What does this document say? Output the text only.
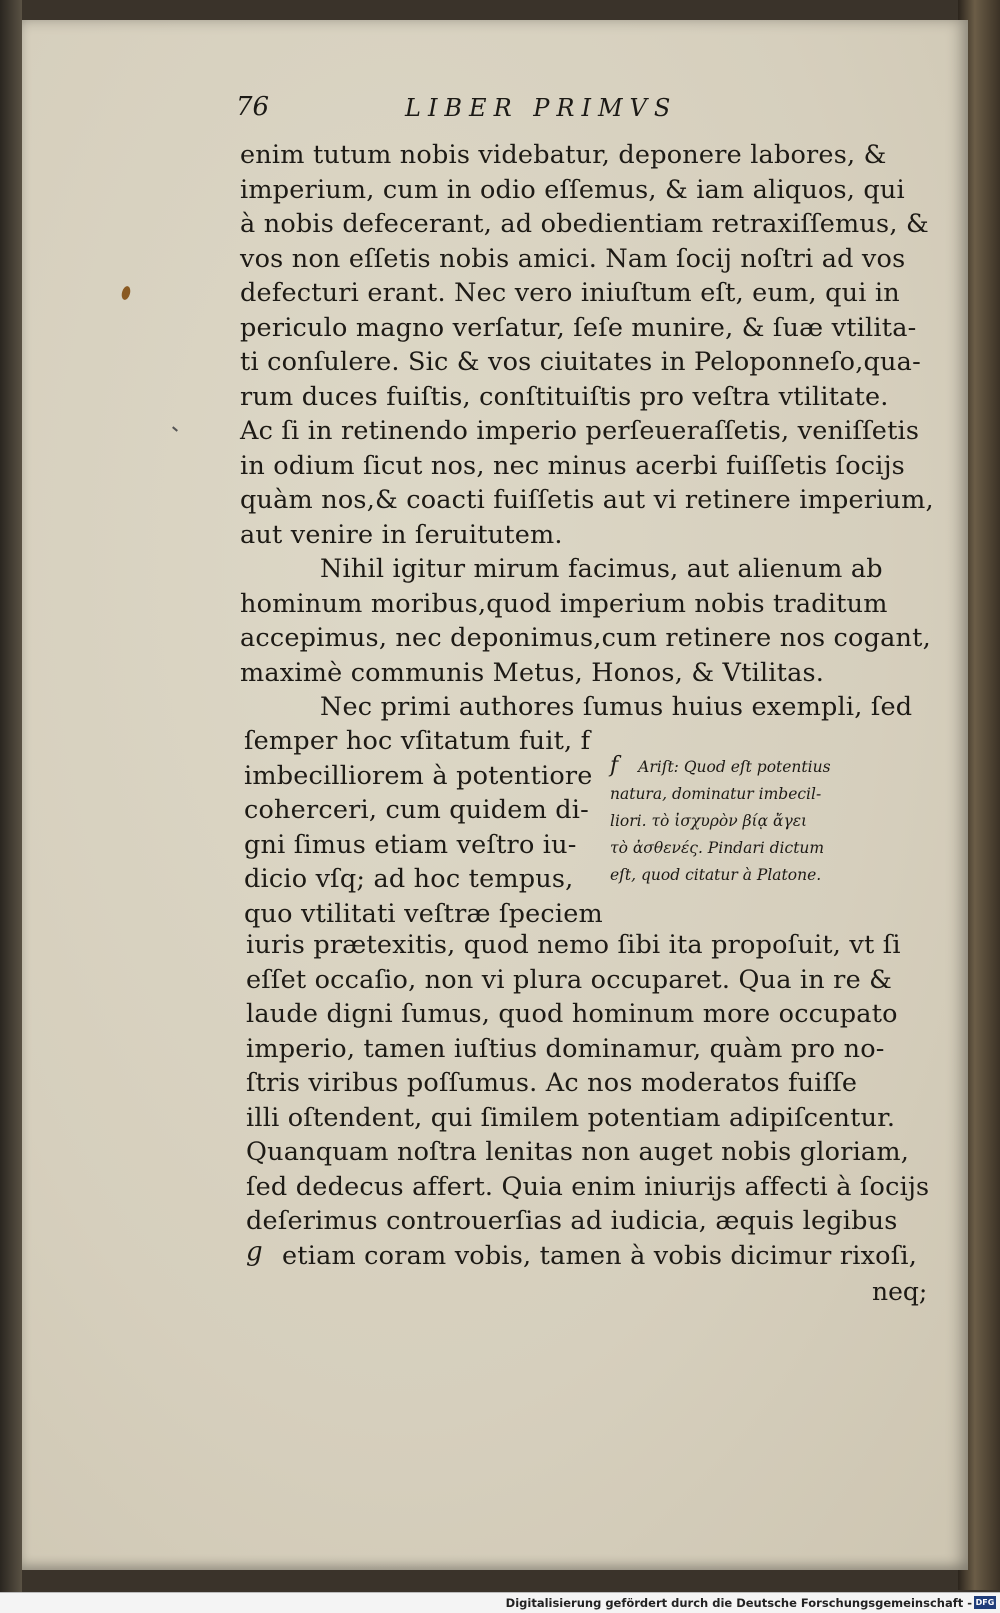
76	LIBER PRIMVS
enim tutum nobis videbatur, deponere labores, &
imperium, cum in odio eſſemus, & iam aliquos, qui
à nobis defecerant, ad obedientiam retraxiſſemus, &
vos non eſſetis nobis amici. Nam ſocij noſtri ad vos
defecturi erant. Nec vero iniuſtum eſt, eum, qui in
periculo magno verſatur, ſeſe munire, & ſuæ vtilita-
ti conſulere. Sic & vos ciuitates in Peloponneſo,qua-
rum duces fuiſtis, conſtituiſtis pro veſtra vtilitate.
Ac ſi in retinendo imperio perſeueraſſetis, veniſſetis
in odium ſicut nos, nec minus acerbi fuiſſetis ſocijs
quàm nos,& coacti fuiſſetis aut vi retinere imperium,
aut venire in ſeruitutem.
Nihil igitur mirum facimus, aut alienum ab
hominum moribus,quod imperium nobis traditum
accepimus, nec deponimus,cum retinere nos cogant,
maximè communis Metus, Honos, & Vtilitas.
Nec primi authores ſumus huius exempli, ſed
ſemper hoc vſitatum fuit, f
imbecilliorem à potentiore
coherceri, cum quidem di-
gni ſimus etiam veſtro iu-
dicio vſq; ad hoc tempus,
quo vtilitati veſtræ ſpeciem
f Ariſt: Quod eſt potentius
natura, dominatur imbecil-
liori. τὸ ἰσχυρὸν βίᾳ ἄγει
τὸ ἀσθενές. Pindari dictum
eſt, quod citatur à Platone.
iuris prætexitis, quod nemo ſibi ita propoſuit, vt ſi
eſſet occaſio, non vi plura occuparet. Qua in re &
laude digni ſumus, quod hominum more occupato
imperio, tamen iuſtius dominamur, quàm pro no-
ſtris viribus poſſumus. Ac nos moderatos fuiſſe
illi oſtendent, qui ſimilem potentiam adipiſcentur.
Quanquam noſtra lenitas non auget nobis gloriam,
ſed dedecus affert. Quia enim iniurijs affecti à ſocijs
deſerimus controuerſias ad iudicia, æquis legibus
etiam coram vobis, tamen à vobis dicimur rixoſi,
g
neq;
Digitalisierung gefördert durch die Deutsche Forschungsgemeinschaft - DFG
